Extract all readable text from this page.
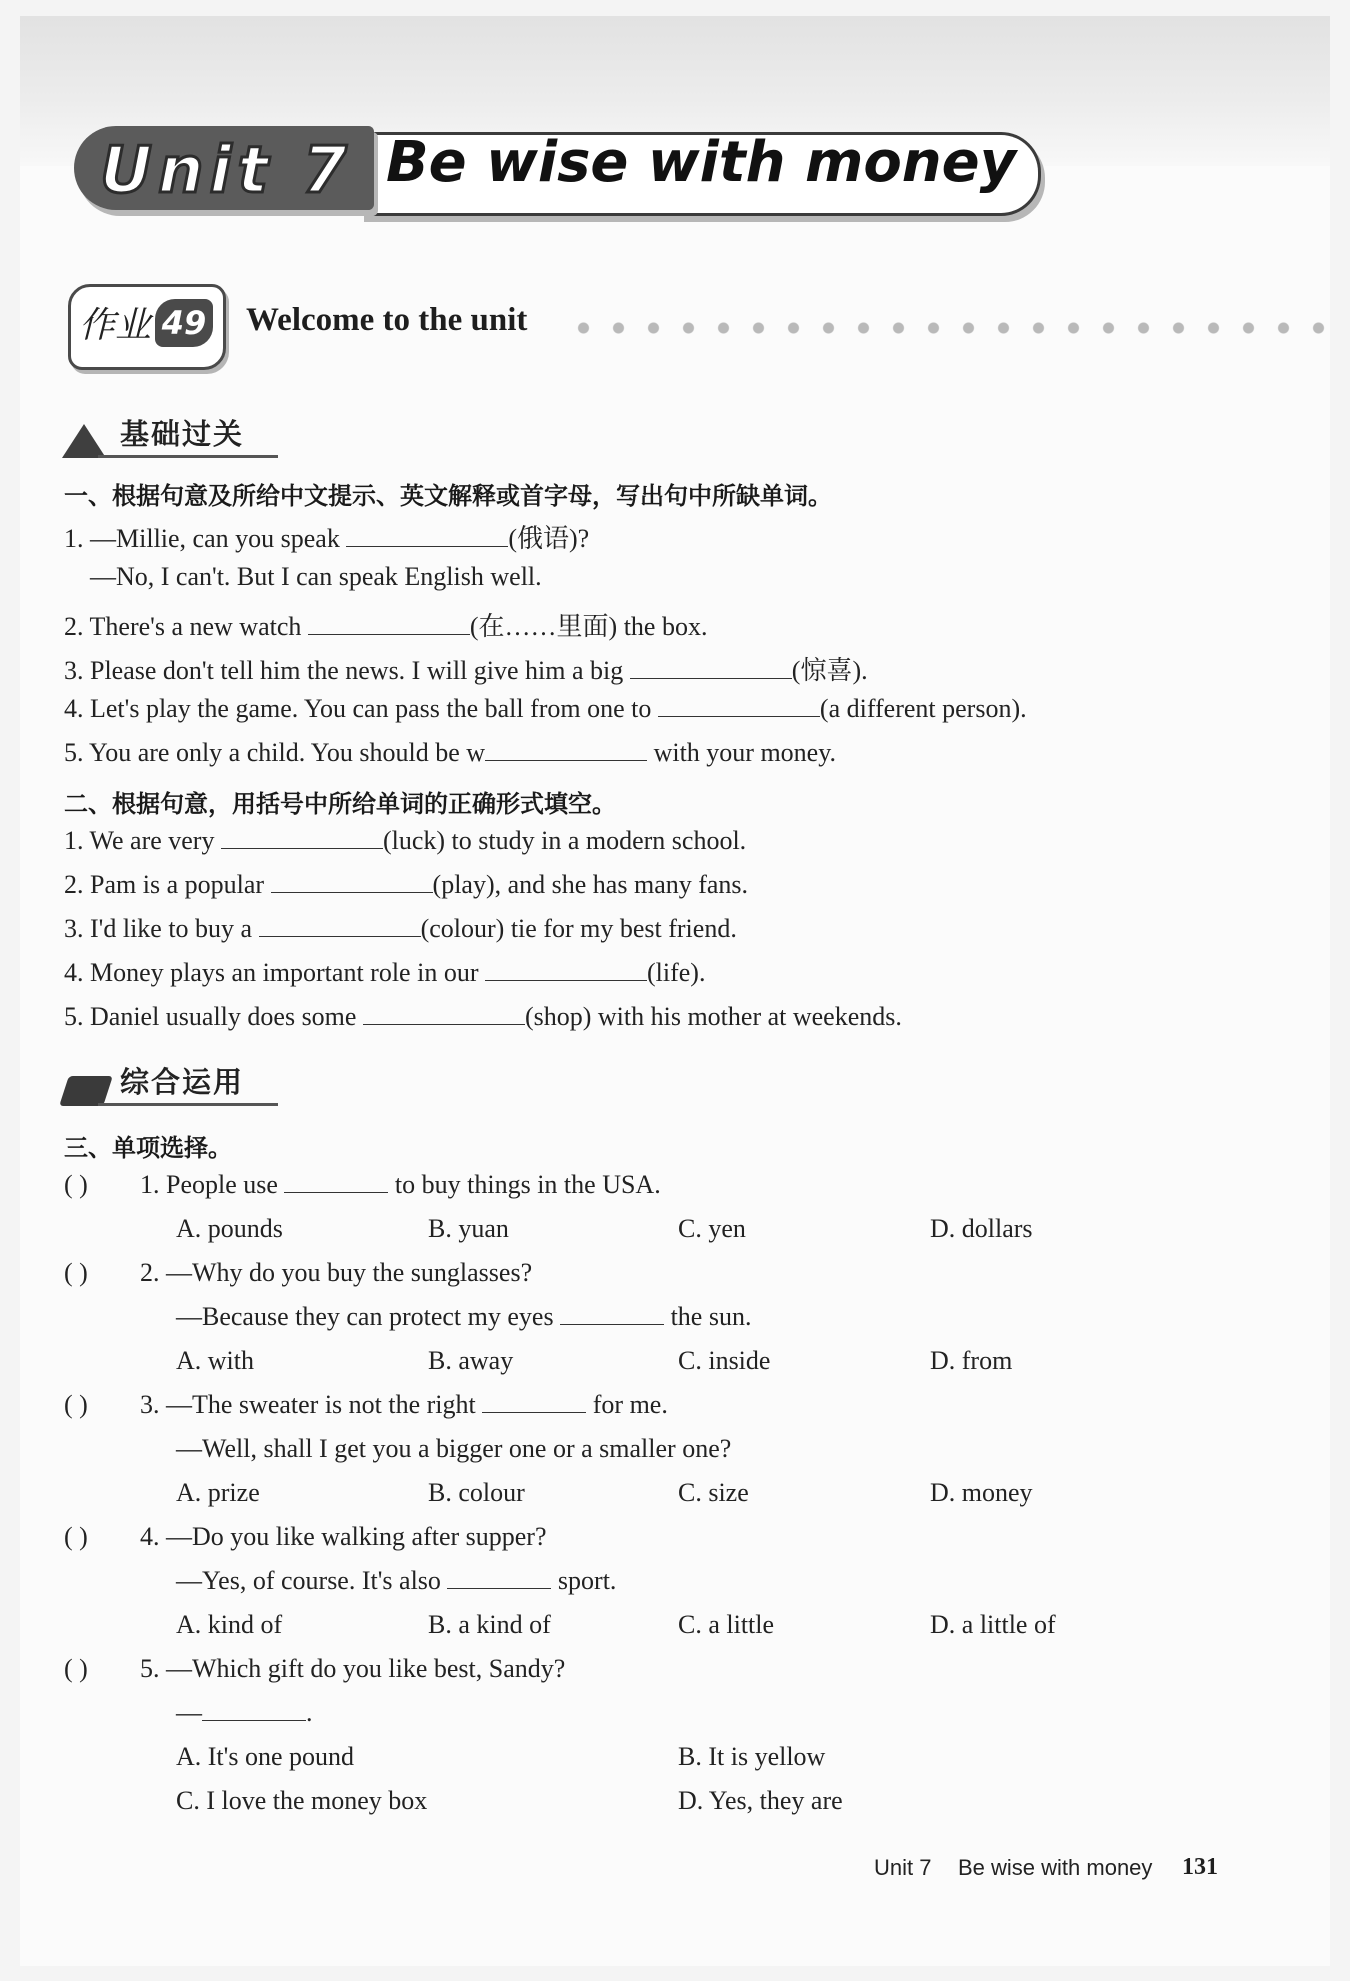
Unit 7 Be wise with money
作业 49 Welcome to the unit
基础过关
一、根据句意及所给中文提示、英文解释或首字母，写出句中所缺单词。
1. —Millie, can you speak	(俄语)?
—No, I can't. But I can speak English well.
2. There's a new watch	(在……里面) the box.
3. Please don't tell him the news. I will give him a big	(惊喜).
4. Let's play the game. You can pass the ball from one to	(a different person).
5. You are only a child. You should be w	with your money.
二、根据句意，用括号中所给单词的正确形式填空。
1. We are very	(luck) to study in a modern school.
2. Pam is a popular	(play), and she has many fans.
3. I'd like to buy a	(colour) tie for my best friend.
4. Money plays an important role in our	(life).
5. Daniel usually does some	(shop) with his mother at weekends.
综合运用
三、单项选择。
( ) 1. People use	to buy things in the USA.
A. pounds	B. yuan	C. yen	D. dollars
( ) 2. —Why do you buy the sunglasses?
—Because they can protect my eyes	the sun.
A. with	B. away	C. inside	D. from
( ) 3. —The sweater is not the right	for me.
—Well, shall I get you a bigger one or a smaller one?
A. prize	B. colour	C. size	D. money
( ) 4. —Do you like walking after supper?
—Yes, of course. It's also	sport.
A. kind of	B. a kind of	C. a little	D. a little of
( ) 5. —Which gift do you like best, Sandy?
—	.
A. It's one pound	B. It is yellow
C. I love the money box	D. Yes, they are
Unit 7 Be wise with money 131
